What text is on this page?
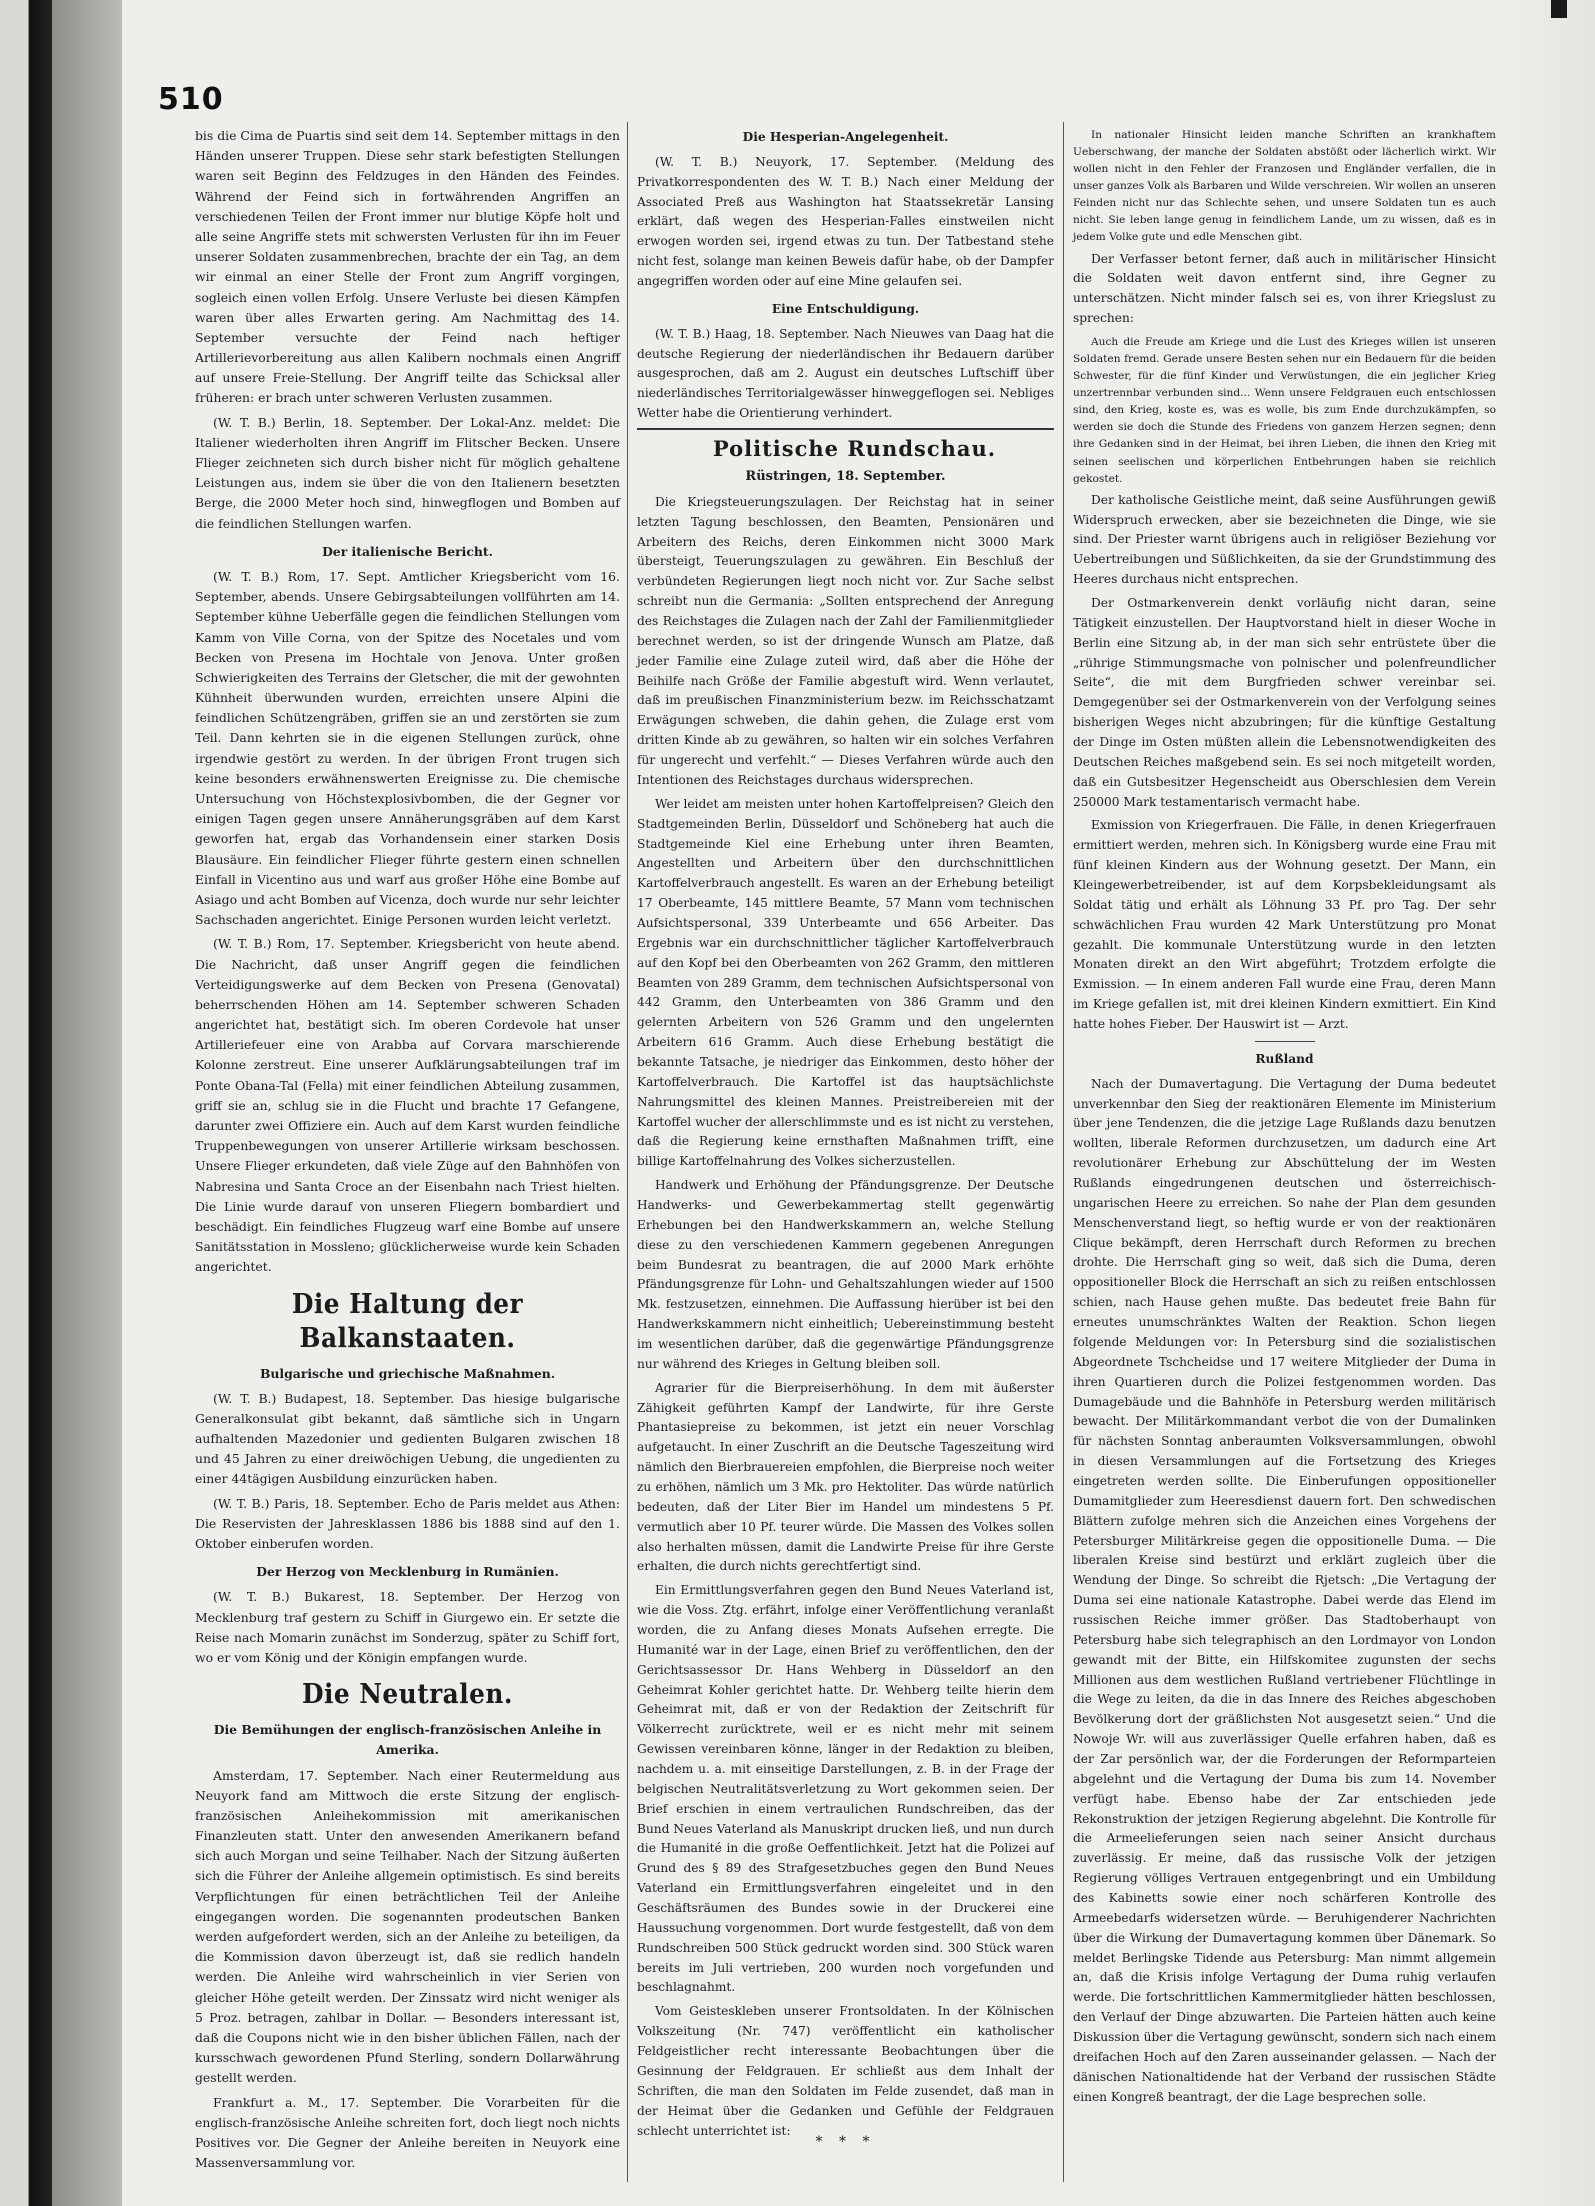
510

bis die Cima de Puartis sind seit dem 14. September mittags in den Händen unserer Truppen. Diese sehr stark befestigten Stellungen waren seit Beginn des Feldzuges in den Händen des Feindes. Während der Feind sich in fortwährenden Angriffen an verschiedenen Teilen der Front immer nur blutige Köpfe holt und alle seine Angriffe stets mit schwersten Verlusten für ihn im Feuer unserer Soldaten zusammenbrechen, brachte der ein Tag, an dem wir einmal an einer Stelle der Front zum Angriff vorgingen, sogleich einen vollen Erfolg. Unsere Verluste bei diesen Kämpfen waren über alles Erwarten gering. Am Nachmittag des 14. September versuchte der Feind nach heftiger Artillerievorbereitung aus allen Kalibern nochmals einen Angriff auf unsere Freie-Stellung. Der Angriff teilte das Schicksal aller früheren: er brach unter schweren Verlusten zusammen.

(W. T. B.) Berlin, 18. September. Der Lokal-Anz. meldet: Die Italiener wiederholten ihren Angriff im Flitscher Becken. Unsere Flieger zeichneten sich durch bisher nicht für möglich gehaltene Leistungen aus, indem sie über die von den Italienern besetzten Berge, die 2000 Meter hoch sind, hinwegflogen und Bomben auf die feindlichen Stellungen warfen.

Der italienische Bericht.

(W. T. B.) Rom, 17. Sept. Amtlicher Kriegsbericht vom 16. September, abends. Unsere Gebirgsabteilungen vollführten am 14. September kühne Ueberfälle gegen die feindlichen Stellungen vom Kamm von Ville Corna, von der Spitze des Nocetales und vom Becken von Presena im Hochtale von Jenova. Unter großen Schwierigkeiten des Terrains der Gletscher, die mit der gewohnten Kühnheit überwunden wurden, erreichten unsere Alpini die feindlichen Schützengräben, griffen sie an und zerstörten sie zum Teil. Dann kehrten sie in die eigenen Stellungen zurück, ohne irgendwie gestört zu werden. In der übrigen Front trugen sich keine besonders erwähnenswerten Ereignisse zu. Die chemische Untersuchung von Höchstexplosivbomben, die der Gegner vor einigen Tagen gegen unsere Annäherungsgräben auf dem Karst geworfen hat, ergab das Vorhandensein einer starken Dosis Blausäure. Ein feindlicher Flieger führte gestern einen schnellen Einfall in Vicentino aus und warf aus großer Höhe eine Bombe auf Asiago und acht Bomben auf Vicenza, doch wurde nur sehr leichter Sachschaden angerichtet. Einige Personen wurden leicht verletzt.

(W. T. B.) Rom, 17. September. Kriegsbericht von heute abend. Die Nachricht, daß unser Angriff gegen die feindlichen Verteidigungswerke auf dem Becken von Presena (Genovatal) beherrschenden Höhen am 14. September schweren Schaden angerichtet hat, bestätigt sich. Im oberen Cordevole hat unser Artilleriefeuer eine von Arabba auf Corvara marschierende Kolonne zerstreut. Eine unserer Aufklärungsabteilungen traf im Ponte Obana-Tal (Fella) mit einer feindlichen Abteilung zusammen, griff sie an, schlug sie in die Flucht und brachte 17 Gefangene, darunter zwei Offiziere ein. Auch auf dem Karst wurden feindliche Truppenbewegungen von unserer Artillerie wirksam beschossen. Unsere Flieger erkundeten, daß viele Züge auf den Bahnhöfen von Nabresina und Santa Croce an der Eisenbahn nach Triest hielten. Die Linie wurde darauf von unseren Fliegern bombardiert und beschädigt. Ein feindliches Flugzeug warf eine Bombe auf unsere Sanitätsstation in Mossleno; glücklicherweise wurde kein Schaden angerichtet.

Die Haltung der Balkanstaaten.

Bulgarische und griechische Maßnahmen.

(W. T. B.) Budapest, 18. September. Das hiesige bulgarische Generalkonsulat gibt bekannt, daß sämtliche sich in Ungarn aufhaltenden Mazedonier und gedienten Bulgaren zwischen 18 und 45 Jahren zu einer dreiwöchigen Uebung, die ungedienten zu einer 44tägigen Ausbildung einzurücken haben.

(W. T. B.) Paris, 18. September. Echo de Paris meldet aus Athen: Die Reservisten der Jahresklassen 1886 bis 1888 sind auf den 1. Oktober einberufen worden.

Der Herzog von Mecklenburg in Rumänien.

(W. T. B.) Bukarest, 18. September. Der Herzog von Mecklenburg traf gestern zu Schiff in Giurgewo ein. Er setzte die Reise nach Momarin zunächst im Sonderzug, später zu Schiff fort, wo er vom König und der Königin empfangen wurde.

Die Neutralen.

Die Bemühungen der englisch-französischen Anleihe in Amerika.

Amsterdam, 17. September. Nach einer Reutermeldung aus Neuyork fand am Mittwoch die erste Sitzung der englisch-französischen Anleihekommission mit amerikanischen Finanzleuten statt. Unter den anwesenden Amerikanern befand sich auch Morgan und seine Teilhaber. Nach der Sitzung äußerten sich die Führer der Anleihe allgemein optimistisch. Es sind bereits Verpflichtungen für einen beträchtlichen Teil der Anleihe eingegangen worden. Die sogenannten prodeutschen Banken werden aufgefordert werden, sich an der Anleihe zu beteiligen, da die Kommission davon überzeugt ist, daß sie redlich handeln werden. Die Anleihe wird wahrscheinlich in vier Serien von gleicher Höhe geteilt werden. Der Zinssatz wird nicht weniger als 5 Proz. betragen, zahlbar in Dollar. — Besonders interessant ist, daß die Coupons nicht wie in den bisher üblichen Fällen, nach der kursschwach gewordenen Pfund Sterling, sondern Dollarwährung gestellt werden.

Frankfurt a. M., 17. September. Die Vorarbeiten für die englisch-französische Anleihe schreiten fort, doch liegt noch nichts Positives vor. Die Gegner der Anleihe bereiten in Neuyork eine Massenversammlung vor.

Die Hesperian-Angelegenheit.

(W. T. B.) Neuyork, 17. September. (Meldung des Privatkorrespondenten des W. T. B.) Nach einer Meldung der Associated Preß aus Washington hat Staatssekretär Lansing erklärt, daß wegen des Hesperian-Falles einstweilen nicht erwogen worden sei, irgend etwas zu tun. Der Tatbestand stehe nicht fest, solange man keinen Beweis dafür habe, ob der Dampfer angegriffen worden oder auf eine Mine gelaufen sei.

Eine Entschuldigung.

(W. T. B.) Haag, 18. September. Nach Nieuwes van Daag hat die deutsche Regierung der niederländischen ihr Bedauern darüber ausgesprochen, daß am 2. August ein deutsches Luftschiff über niederländisches Territorialgewässer hinweggeflogen sei. Nebliges Wetter habe die Orientierung verhindert.

Politische Rundschau.

Rüstringen, 18. September.

Die Kriegsteuerungszulagen. Der Reichstag hat in seiner letzten Tagung beschlossen, den Beamten, Pensionären und Arbeitern des Reichs, deren Einkommen nicht 3000 Mark übersteigt, Teuerungszulagen zu gewähren. Ein Beschluß der verbündeten Regierungen liegt noch nicht vor. Zur Sache selbst schreibt nun die Germania: „Sollten entsprechend der Anregung des Reichstages die Zulagen nach der Zahl der Familienmitglieder berechnet werden, so ist der dringende Wunsch am Platze, daß jeder Familie eine Zulage zuteil wird, daß aber die Höhe der Beihilfe nach Größe der Familie abgestuft wird. Wenn verlautet, daß im preußischen Finanzministerium bezw. im Reichsschatzamt Erwägungen schweben, die dahin gehen, die Zulage erst vom dritten Kinde ab zu gewähren, so halten wir ein solches Verfahren für ungerecht und verfehlt.“ — Dieses Verfahren würde auch den Intentionen des Reichstages durchaus widersprechen.

Wer leidet am meisten unter hohen Kartoffelpreisen? Gleich den Stadtgemeinden Berlin, Düsseldorf und Schöneberg hat auch die Stadtgemeinde Kiel eine Erhebung unter ihren Beamten, Angestellten und Arbeitern über den durchschnittlichen Kartoffelverbrauch angestellt. Es waren an der Erhebung beteiligt 17 Oberbeamte, 145 mittlere Beamte, 57 Mann vom technischen Aufsichtspersonal, 339 Unterbeamte und 656 Arbeiter. Das Ergebnis war ein durchschnittlicher täglicher Kartoffelverbrauch auf den Kopf bei den Oberbeamten von 262 Gramm, den mittleren Beamten von 289 Gramm, dem technischen Aufsichtspersonal von 442 Gramm, den Unterbeamten von 386 Gramm und den gelernten Arbeitern von 526 Gramm und den ungelernten Arbeitern 616 Gramm. Auch diese Erhebung bestätigt die bekannte Tatsache, je niedriger das Einkommen, desto höher der Kartoffelverbrauch. Die Kartoffel ist das hauptsächlichste Nahrungsmittel des kleinen Mannes. Preistreibereien mit der Kartoffel wucher der allerschlimmste und es ist nicht zu verstehen, daß die Regierung keine ernsthaften Maßnahmen trifft, eine billige Kartoffelnahrung des Volkes sicherzustellen.

Handwerk und Erhöhung der Pfändungsgrenze. Der Deutsche Handwerks- und Gewerbekammertag stellt gegenwärtig Erhebungen bei den Handwerkskammern an, welche Stellung diese zu den verschiedenen Kammern gegebenen Anregungen beim Bundesrat zu beantragen, die auf 2000 Mark erhöhte Pfändungsgrenze für Lohn- und Gehaltszahlungen wieder auf 1500 Mk. festzusetzen, einnehmen. Die Auffassung hierüber ist bei den Handwerkskammern nicht einheitlich; Uebereinstimmung besteht im wesentlichen darüber, daß die gegenwärtige Pfändungsgrenze nur während des Krieges in Geltung bleiben soll.

Agrarier für die Bierpreiserhöhung. In dem mit äußerster Zähigkeit geführten Kampf der Landwirte, für ihre Gerste Phantasiepreise zu bekommen, ist jetzt ein neuer Vorschlag aufgetaucht. In einer Zuschrift an die Deutsche Tageszeitung wird nämlich den Bierbrauereien empfohlen, die Bierpreise noch weiter zu erhöhen, nämlich um 3 Mk. pro Hektoliter. Das würde natürlich bedeuten, daß der Liter Bier im Handel um mindestens 5 Pf. vermutlich aber 10 Pf. teurer würde. Die Massen des Volkes sollen also herhalten müssen, damit die Landwirte Preise für ihre Gerste erhalten, die durch nichts gerechtfertigt sind.

Ein Ermittlungsverfahren gegen den Bund Neues Vaterland ist, wie die Voss. Ztg. erfährt, infolge einer Veröffentlichung veranlaßt worden, die zu Anfang dieses Monats Aufsehen erregte. Die Humanité war in der Lage, einen Brief zu veröffentlichen, den der Gerichtsassessor Dr. Hans Wehberg in Düsseldorf an den Geheimrat Kohler gerichtet hatte. Dr. Wehberg teilte hierin dem Geheimrat mit, daß er von der Redaktion der Zeitschrift für Völkerrecht zurücktrete, weil er es nicht mehr mit seinem Gewissen vereinbaren könne, länger in der Redaktion zu bleiben, nachdem u. a. mit einseitige Darstellungen, z. B. in der Frage der belgischen Neutralitätsverletzung zu Wort gekommen seien. Der Brief erschien in einem vertraulichen Rundschreiben, das der Bund Neues Vaterland als Manuskript drucken ließ, und nun durch die Humanité in die große Oeffentlichkeit. Jetzt hat die Polizei auf Grund des § 89 des Strafgesetzbuches gegen den Bund Neues Vaterland ein Ermittlungsverfahren eingeleitet und in den Geschäftsräumen des Bundes sowie in der Druckerei eine Haussuchung vorgenommen. Dort wurde festgestellt, daß von dem Rundschreiben 500 Stück gedruckt worden sind. 300 Stück waren bereits im Juli vertrieben, 200 wurden noch vorgefunden und beschlagnahmt.

Vom Geisteskleben unserer Frontsoldaten. In der Kölnischen Volkszeitung (Nr. 747) veröffentlicht ein katholischer Feldgeistlicher recht interessante Beobachtungen über die Gesinnung der Feldgrauen. Er schließt aus dem Inhalt der Schriften, die man den Soldaten im Felde zusendet, daß man in der Heimat über die Gedanken und Gefühle der Feldgrauen schlecht unterrichtet ist:

In nationaler Hinsicht leiden manche Schriften an krankhaftem Ueberschwang, der manche der Soldaten abstößt oder lächerlich wirkt. Wir wollen nicht in den Fehler der Franzosen und Engländer verfallen, die in unser ganzes Volk als Barbaren und Wilde verschreien. Wir wollen an unseren Feinden nicht nur das Schlechte sehen, und unsere Soldaten tun es auch nicht. Sie leben lange genug in feindlichem Lande, um zu wissen, daß es in jedem Volke gute und edle Menschen gibt.

Der Verfasser betont ferner, daß auch in militärischer Hinsicht die Soldaten weit davon entfernt sind, ihre Gegner zu unterschätzen. Nicht minder falsch sei es, von ihrer Kriegslust zu sprechen:

Auch die Freude am Kriege und die Lust des Krieges willen ist unseren Soldaten fremd. Gerade unsere Besten sehen nur ein Bedauern für die beiden Schwester, für die fünf Kinder und Verwüstungen, die ein jeglicher Krieg unzertrennbar verbunden sind... Wenn unsere Feldgrauen euch entschlossen sind, den Krieg, koste es, was es wolle, bis zum Ende durchzukämpfen, so werden sie doch die Stunde des Friedens von ganzem Herzen segnen; denn ihre Gedanken sind in der Heimat, bei ihren Lieben, die ihnen den Krieg mit seinen seelischen und körperlichen Entbehrungen haben sie reichlich gekostet.

Der katholische Geistliche meint, daß seine Ausführungen gewiß Widerspruch erwecken, aber sie bezeichneten die Dinge, wie sie sind. Der Priester warnt übrigens auch in religiöser Beziehung vor Uebertreibungen und Süßlichkeiten, da sie der Grundstimmung des Heeres durchaus nicht entsprechen.

Der Ostmarkenverein denkt vorläufig nicht daran, seine Tätigkeit einzustellen. Der Hauptvorstand hielt in dieser Woche in Berlin eine Sitzung ab, in der man sich sehr entrüstete über die „rührige Stimmungsmache von polnischer und polenfreundlicher Seite“, die mit dem Burgfrieden schwer vereinbar sei. Demgegenüber sei der Ostmarkenverein von der Verfolgung seines bisherigen Weges nicht abzubringen; für die künftige Gestaltung der Dinge im Osten müßten allein die Lebensnotwendigkeiten des Deutschen Reiches maßgebend sein. Es sei noch mitgeteilt worden, daß ein Gutsbesitzer Hegenscheidt aus Oberschlesien dem Verein 250000 Mark testamentarisch vermacht habe.

Exmission von Kriegerfrauen. Die Fälle, in denen Kriegerfrauen ermittiert werden, mehren sich. In Königsberg wurde eine Frau mit fünf kleinen Kindern aus der Wohnung gesetzt. Der Mann, ein Kleingewerbetreibender, ist auf dem Korpsbekleidungsamt als Soldat tätig und erhält als Löhnung 33 Pf. pro Tag. Der sehr schwächlichen Frau wurden 42 Mark Unterstützung pro Monat gezahlt. Die kommunale Unterstützung wurde in den letzten Monaten direkt an den Wirt abgeführt; Trotzdem erfolgte die Exmission. — In einem anderen Fall wurde eine Frau, deren Mann im Kriege gefallen ist, mit drei kleinen Kindern exmittiert. Ein Kind hatte hohes Fieber. Der Hauswirt ist — Arzt.

Rußland

Nach der Dumavertagung. Die Vertagung der Duma bedeutet unverkennbar den Sieg der reaktionären Elemente im Ministerium über jene Tendenzen, die die jetzige Lage Rußlands dazu benutzen wollten, liberale Reformen durchzusetzen, um dadurch eine Art revolutionärer Erhebung zur Abschüttelung der im Westen Rußlands eingedrungenen deutschen und österreichisch-ungarischen Heere zu erreichen. So nahe der Plan dem gesunden Menschenverstand liegt, so heftig wurde er von der reaktionären Clique bekämpft, deren Herrschaft durch Reformen zu brechen drohte. Die Herrschaft ging so weit, daß sich die Duma, deren oppositioneller Block die Herrschaft an sich zu reißen entschlossen schien, nach Hause gehen mußte. Das bedeutet freie Bahn für erneutes unumschränktes Walten der Reaktion. Schon liegen folgende Meldungen vor: In Petersburg sind die sozialistischen Abgeordnete Tschcheidse und 17 weitere Mitglieder der Duma in ihren Quartieren durch die Polizei festgenommen worden. Das Dumagebäude und die Bahnhöfe in Petersburg werden militärisch bewacht. Der Militärkommandant verbot die von der Dumalinken für nächsten Sonntag anberaumten Volksversammlungen, obwohl in diesen Versammlungen auf die Fortsetzung des Krieges eingetreten werden sollte. Die Einberufungen oppositioneller Dumamitglieder zum Heeresdienst dauern fort. Den schwedischen Blättern zufolge mehren sich die Anzeichen eines Vorgehens der Petersburger Militärkreise gegen die oppositionelle Duma. — Die liberalen Kreise sind bestürzt und erklärt zugleich über die Wendung der Dinge. So schreibt die Rjetsch: „Die Vertagung der Duma sei eine nationale Katastrophe. Dabei werde das Elend im russischen Reiche immer größer. Das Stadtoberhaupt von Petersburg habe sich telegraphisch an den Lordmayor von London gewandt mit der Bitte, ein Hilfskomitee zugunsten der sechs Millionen aus dem westlichen Rußland vertriebener Flüchtlinge in die Wege zu leiten, da die in das Innere des Reiches abgeschoben Bevölkerung dort der gräßlichsten Not ausgesetzt seien.“ Und die Nowoje Wr. will aus zuverlässiger Quelle erfahren haben, daß es der Zar persönlich war, der die Forderungen der Reformparteien abgelehnt und die Vertagung der Duma bis zum 14. November verfügt habe. Ebenso habe der Zar entschieden jede Rekonstruktion der jetzigen Regierung abgelehnt. Die Kontrolle für die Armeelieferungen seien nach seiner Ansicht durchaus zuverlässig. Er meine, daß das russische Volk der jetzigen Regierung völliges Vertrauen entgegenbringt und ein Umbildung des Kabinetts sowie einer noch schärferen Kontrolle des Armeebedarfs widersetzen würde. — Beruhigenderer Nachrichten über die Wirkung der Dumavertagung kommen über Dänemark. So meldet Berlingske Tidende aus Petersburg: Man nimmt allgemein an, daß die Krisis infolge Vertagung der Duma ruhig verlaufen werde. Die fortschrittlichen Kammermitglieder hätten beschlossen, den Verlauf der Dinge abzuwarten. Die Parteien hätten auch keine Diskussion über die Vertagung gewünscht, sondern sich nach einem dreifachen Hoch auf den Zaren ausseinander gelassen. — Nach der dänischen Nationaltidende hat der Verband der russischen Städte einen Kongreß beantragt, der die Lage besprechen solle.

* * *
